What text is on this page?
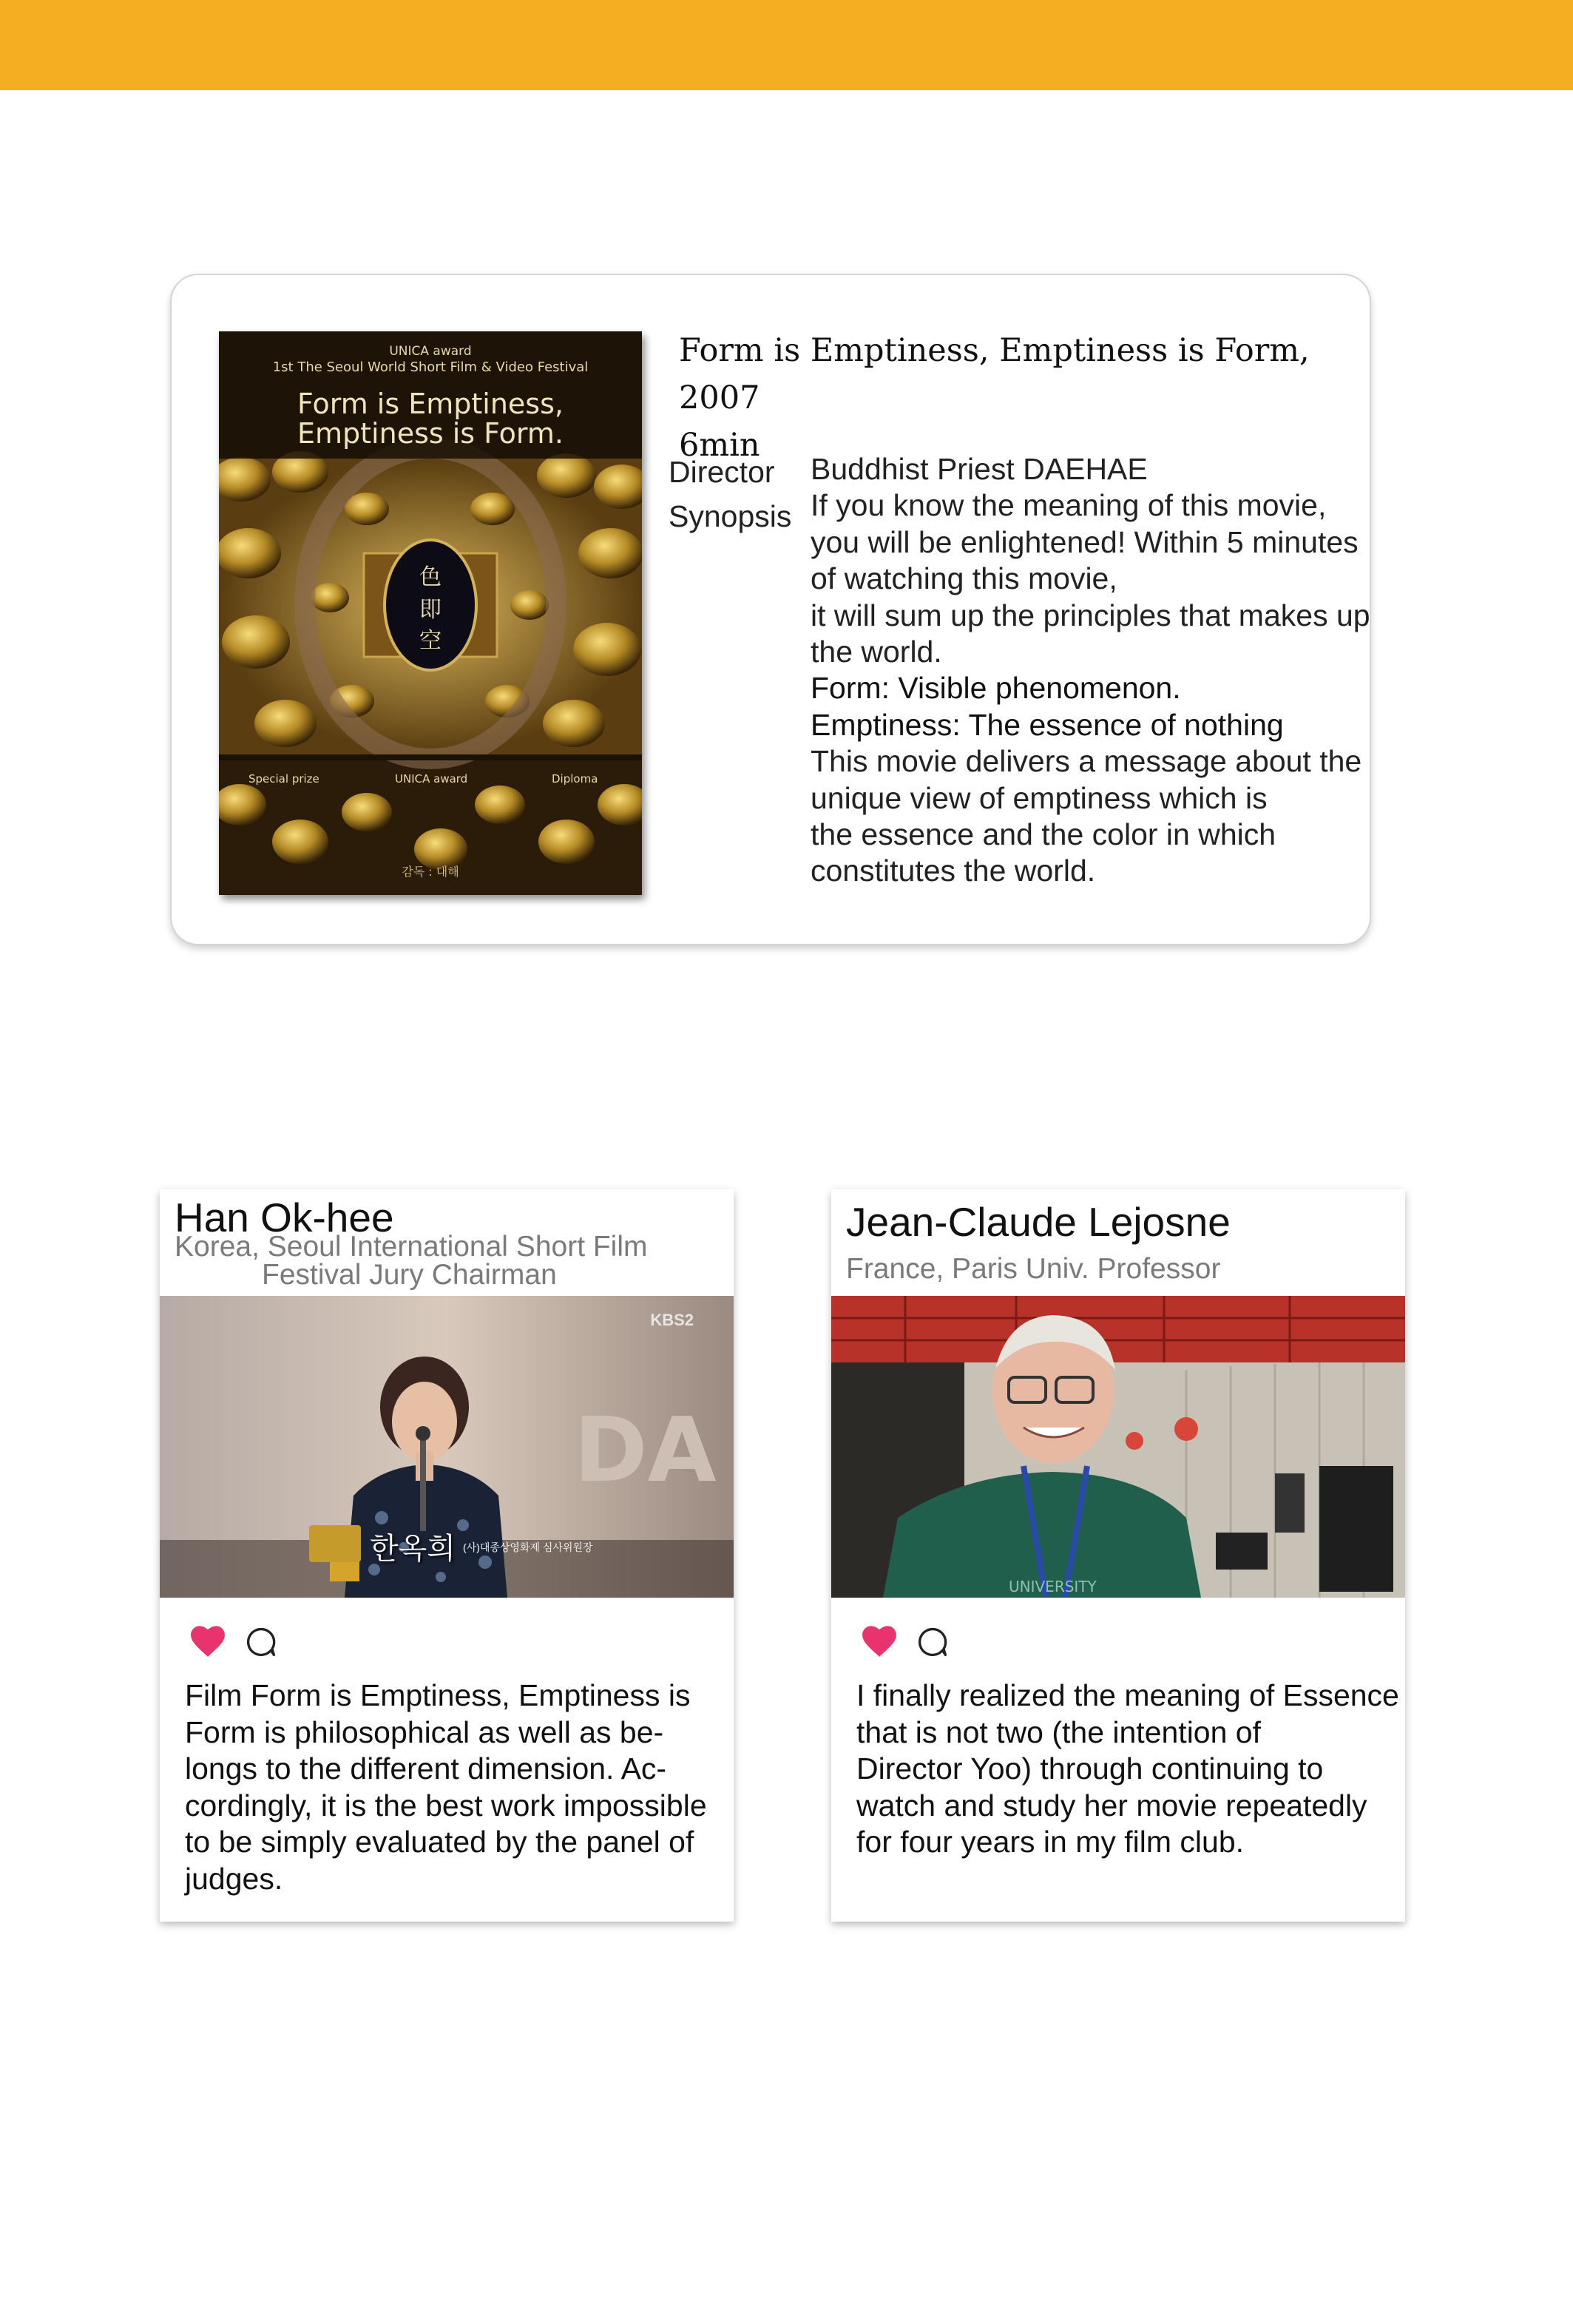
色
即
空
UNICA award
1st The Seoul World Short Film & Video Festival
Form is Emptiness,
Emptiness is Form.
Special prize	UNICA award	Diploma
감독 : 대해
Form is Emptiness, Emptiness is Form, 2007
6min
Director
Synopsis
Buddhist Priest DAEHAE
If you know the meaning of this movie,
you will be enlightened! Within 5 minutes
of watching this movie,
it will sum up the principles that makes up
the world.
Form: Visible phenomenon.
Emptiness: The essence of nothing
This movie delivers a message about the
unique view of emptiness which is
the essence and the color in which
constitutes the world.
Han Ok-hee
Korea, Seoul International Short Film
Festival Jury Chairman
DA
KBS2
한옥희 (사)대종상영화제 심사위원장
Film Form is Emptiness, Emptiness is
Form is philosophical as well as be-
longs to the different dimension. Ac-
cordingly, it is the best work impossible
to be simply evaluated by the panel of
judges.
Jean-Claude Lejosne
France, Paris Univ. Professor
UNIVERSITY
I finally realized the meaning of Essence
that is not two (the intention of
Director Yoo) through continuing to
watch and study her movie repeatedly
for four years in my film club.
